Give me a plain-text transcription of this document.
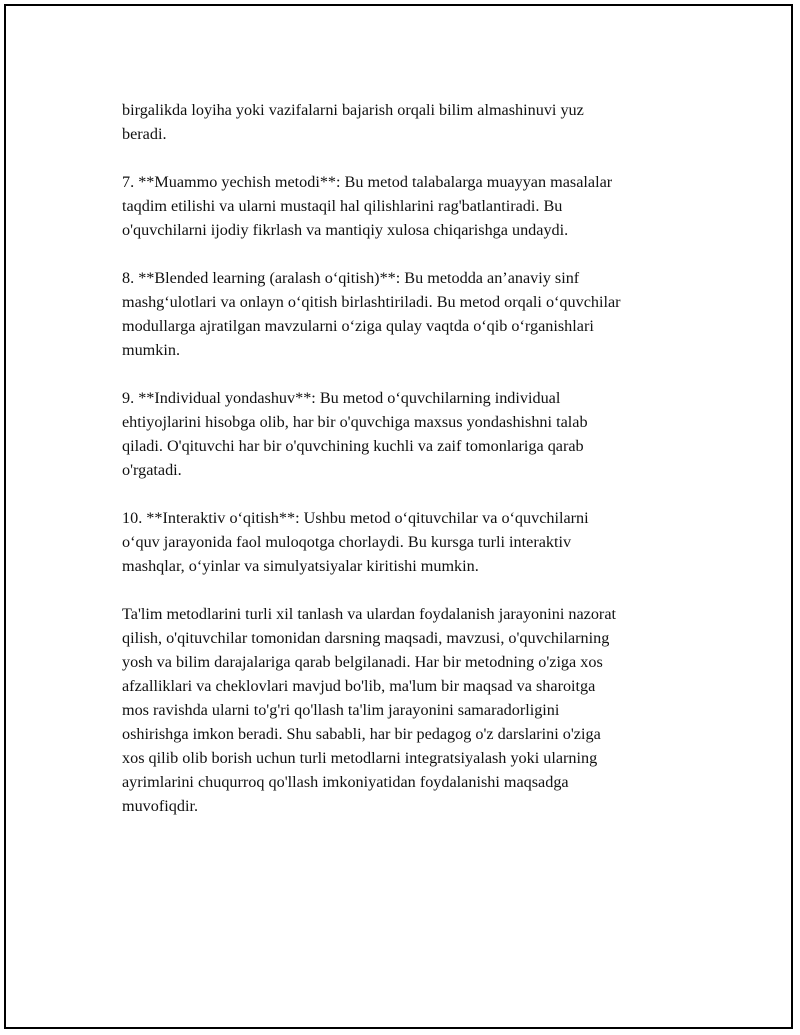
birgalikda loyiha yoki vazifalarni bajarish orqali bilim almashinuvi yuz
beradi.

7. **Muammo yechish metodi**: Bu metod talabalarga muayyan masalalar
taqdim etilishi va ularni mustaqil hal qilishlarini rag'batlantiradi. Bu
o'quvchilarni ijodiy fikrlash va mantiqiy xulosa chiqarishga undaydi.

8. **Blended learning (aralash o‘qitish)**: Bu metodda an’anaviy sinf
mashg‘ulotlari va onlayn o‘qitish birlashtiriladi. Bu metod orqali o‘quvchilar
modullarga ajratilgan mavzularni o‘ziga qulay vaqtda o‘qib o‘rganishlari
mumkin.

9. **Individual yondashuv**: Bu metod o‘quvchilarning individual
ehtiyojlarini hisobga olib, har bir o'quvchiga maxsus yondashishni talab
qiladi. O'qituvchi har bir o'quvchining kuchli va zaif tomonlariga qarab
o'rgatadi.

10. **Interaktiv o‘qitish**: Ushbu metod o‘qituvchilar va o‘quvchilarni
o‘quv jarayonida faol muloqotga chorlaydi. Bu kursga turli interaktiv
mashqlar, o‘yinlar va simulyatsiyalar kiritishi mumkin.

Ta'lim metodlarini turli xil tanlash va ulardan foydalanish jarayonini nazorat
qilish, o'qituvchilar tomonidan darsning maqsadi, mavzusi, o'quvchilarning
yosh va bilim darajalariga qarab belgilanadi. Har bir metodning o'ziga xos
afzalliklari va cheklovlari mavjud bo'lib, ma'lum bir maqsad va sharoitga
mos ravishda ularni to'g'ri qo'llash ta'lim jarayonini samaradorligini
oshirishga imkon beradi. Shu sababli, har bir pedagog o'z darslarini o'ziga
xos qilib olib borish uchun turli metodlarni integratsiyalash yoki ularning
ayrimlarini chuqurroq qo'llash imkoniyatidan foydalanishi maqsadga
muvofiqdir.
